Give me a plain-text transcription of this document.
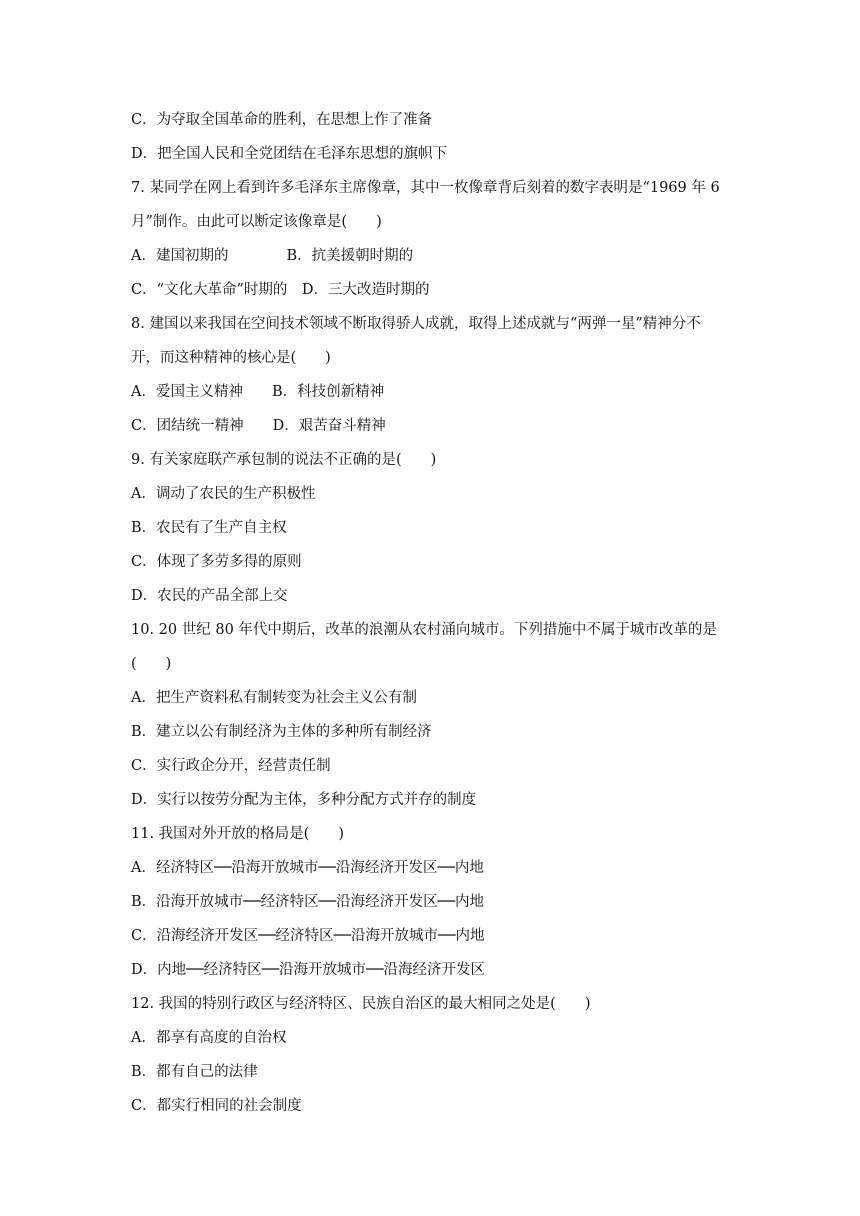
C．为夺取全国革命的胜利，在思想上作了准备
D．把全国人民和全党团结在毛泽东思想的旗帜下
7. 某同学在网上看到许多毛泽东主席像章，其中一枚像章背后刻着的数字表明是“1969 年 6
月”制作。由此可以断定该像章是(　　)
A．建国初期的　　　　B．抗美援朝时期的
C．“文化大革命”时期的　D．三大改造时期的
8. 建国以来我国在空间技术领域不断取得骄人成就，取得上述成就与“两弹一星”精神分不
开，而这种精神的核心是(　　)
A．爱国主义精神　　B．科技创新精神
C．团结统一精神　　D．艰苦奋斗精神
9. 有关家庭联产承包制的说法不正确的是(　　)
A．调动了农民的生产积极性
B．农民有了生产自主权
C．体现了多劳多得的原则
D．农民的产品全部上交
10. 20 世纪 80 年代中期后，改革的浪潮从农村涌向城市。下列措施中不属于城市改革的是
(　　)
A．把生产资料私有制转变为社会主义公有制
B．建立以公有制经济为主体的多种所有制经济
C．实行政企分开，经营责任制
D．实行以按劳分配为主体，多种分配方式并存的制度
11. 我国对外开放的格局是(　　)
A．经济特区──沿海开放城市──沿海经济开发区──内地
B．沿海开放城市──经济特区──沿海经济开发区──内地
C．沿海经济开发区──经济特区──沿海开放城市──内地
D．内地──经济特区──沿海开放城市──沿海经济开发区
12. 我国的特别行政区与经济特区、民族自治区的最大相同之处是(　　)
A．都享有高度的自治权
B．都有自己的法律
C．都实行相同的社会制度
